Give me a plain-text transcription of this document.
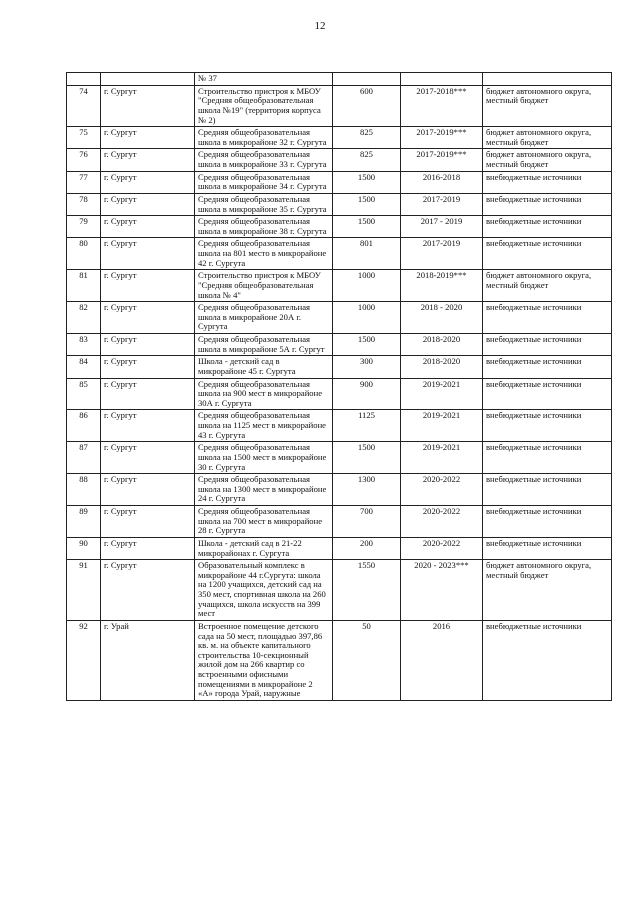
12
		№ 37			
74	г. Сургут	Строительство пристроя к МБОУ "Средняя общеобразовательная школа №19" (территория корпуса № 2)	600	2017-2018***	бюджет автономного округа, местный бюджет
75	г. Сургут	Средняя общеобразовательная школа в микрорайоне 32 г. Сургута	825	2017-2019***	бюджет автономного округа, местный бюджет
76	г. Сургут	Средняя общеобразовательная школа в микрорайоне 33 г. Сургута	825	2017-2019***	бюджет автономного округа, местный бюджет
77	г. Сургут	Средняя общеобразовательная школа в микрорайоне 34 г. Сургута	1500	2016-2018	внебюджетные источники
78	г. Сургут	Средняя общеобразовательная школа в микрорайоне 35 г. Сургута	1500	2017-2019	внебюджетные источники
79	г. Сургут	Средняя общеобразовательная школа в микрорайоне 38 г. Сургута	1500	2017 - 2019	внебюджетные источники
80	г. Сургут	Средняя общеобразовательная школа на 801 место в микрорайоне 42 г. Сургута	801	2017-2019	внебюджетные источники
81	г. Сургут	Строительство пристроя к МБОУ "Средняя общеобразовательная школа № 4"	1000	2018-2019***	бюджет автономного округа, местный бюджет
82	г. Сургут	Средняя общеобразовательная школа в микрорайоне 20А г. Сургута	1000	2018 - 2020	внебюджетные источники
83	г. Сургут	Средняя общеобразовательная школа в микрорайоне 5А г. Сургут	1500	2018-2020	внебюджетные источники
84	г. Сургут	Школа - детский сад в микрорайоне 45 г. Сургута	300	2018-2020	внебюджетные источники
85	г. Сургут	Средняя общеобразовательная школа на 900 мест в микрорайоне 30А г. Сургута	900	2019-2021	внебюджетные источники
86	г. Сургут	Средняя общеобразовательная школа на 1125 мест в микрорайоне 43 г. Сургута	1125	2019-2021	внебюджетные источники
87	г. Сургут	Средняя общеобразовательная школа на 1500 мест в микрорайоне 30 г. Сургута	1500	2019-2021	внебюджетные источники
88	г. Сургут	Средняя общеобразовательная школа на 1300 мест в микрорайоне 24 г. Сургута	1300	2020-2022	внебюджетные источники
89	г. Сургут	Средняя общеобразовательная школа на 700 мест в микрорайоне 28 г. Сургута	700	2020-2022	внебюджетные источники
90	г. Сургут	Школа - детский сад в 21-22 микрорайонах г. Сургута	200	2020-2022	внебюджетные источники
91	г. Сургут	Образовательный комплекс в микрорайоне 44 г.Сургута: школа на 1200 учащихся, детский сад на 350 мест, спортивная школа на 260 учащихся, школа искусств на 399 мест	1550	2020 - 2023***	бюджет автономного округа, местный бюджет
92	г. Урай	Встроенное помещение детского сада на 50 мест, площадью 397,86 кв. м. на объекте капитального строительства 10-секционный жилой дом на 266 квартир со встроенными офисными помещениями в микрорайоне 2 «А» города Урай, наружные	50	2016	внебюджетные источники
